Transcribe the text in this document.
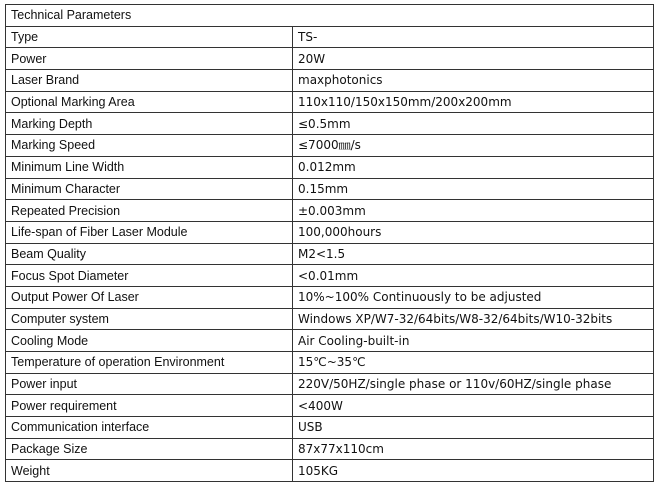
Technical Parameters	
Type	TS-
Power	20W
Laser Brand	maxphotonics
Optional Marking Area	110x110/150x150mm/200x200mm
Marking Depth	≤0.5mm
Marking Speed	≤7000㎜/s
Minimum Line Width	0.012mm
Minimum Character	0.15mm
Repeated Precision	±0.003mm
Life-span of Fiber Laser Module	100,000hours
Beam Quality	M2<1.5
Focus Spot Diameter	<0.01mm
Output Power Of Laser	10%~100% Continuously to be adjusted
Computer system	Windows XP/W7-32/64bits/W8-32/64bits/W10-32bits
Cooling Mode	Air Cooling-built-in
Temperature of operation Environment	15℃~35℃
Power input	220V/50HZ/single phase or 110v/60HZ/single phase
Power requirement	<400W
Communication interface	USB
Package Size	87x77x110cm
Weight	105KG
